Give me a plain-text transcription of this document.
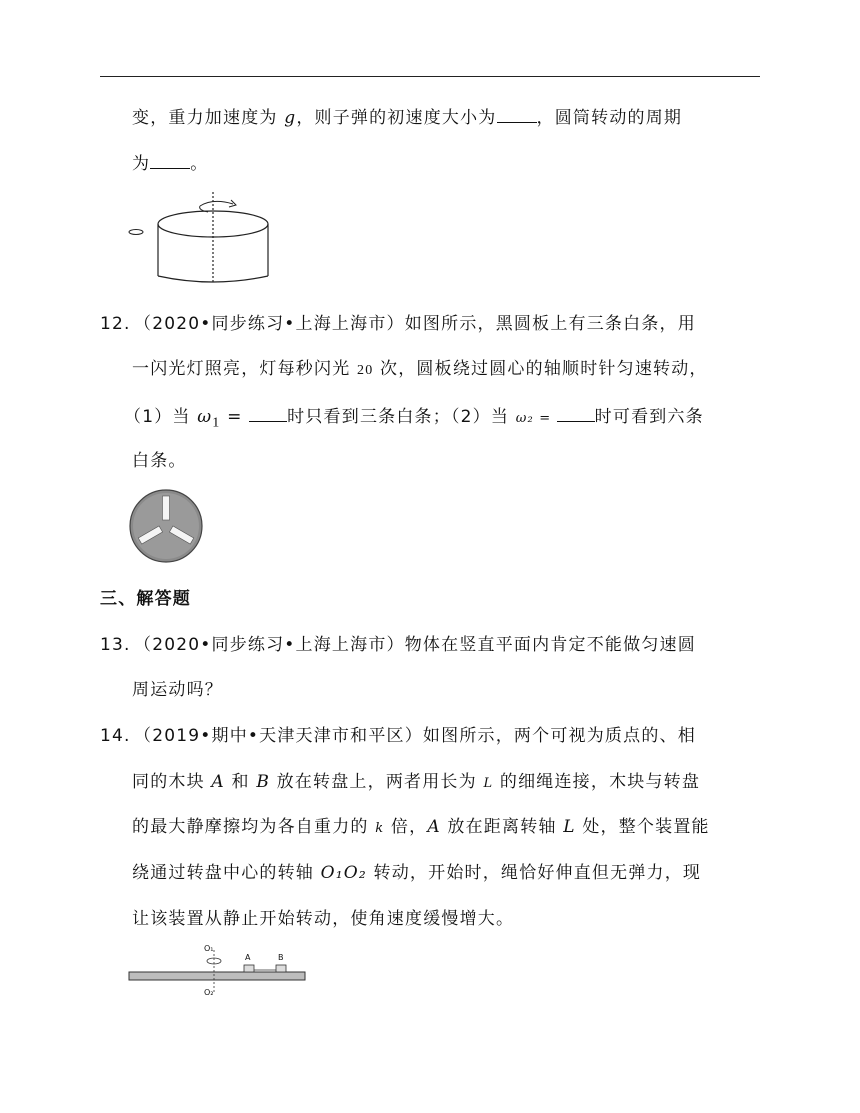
变，重力加速度为 g，则子弹的初速度大小为 ，圆筒转动的周期
为 。
12. （2020•同步练习•上海上海市）如图所示，黑圆板上有三条白条，用
一闪光灯照亮，灯每秒闪光 20 次，圆板绕过圆心的轴顺时针匀速转动，
（1）当 $\omega_1$ = 时只看到三条白条；（2）当 ω₂ = 时可看到六条
白条。
三、解答题
13. （2020•同步练习•上海上海市）物体在竖直平面内肯定不能做匀速圆
周运动吗？
14. （2019•期中•天津天津市和平区）如图所示，两个可视为质点的、相
同的木块 A 和 B 放在转盘上，两者用长为 L 的细绳连接，木块与转盘
的最大静摩擦均为各自重力的 k 倍，A 放在距离转轴 L 处，整个装置能
绕通过转盘中心的转轴 O₁O₂ 转动，开始时，绳恰好伸直但无弹力，现
让该装置从静止开始转动，使角速度缓慢增大。
O₁
O₂
A	B
